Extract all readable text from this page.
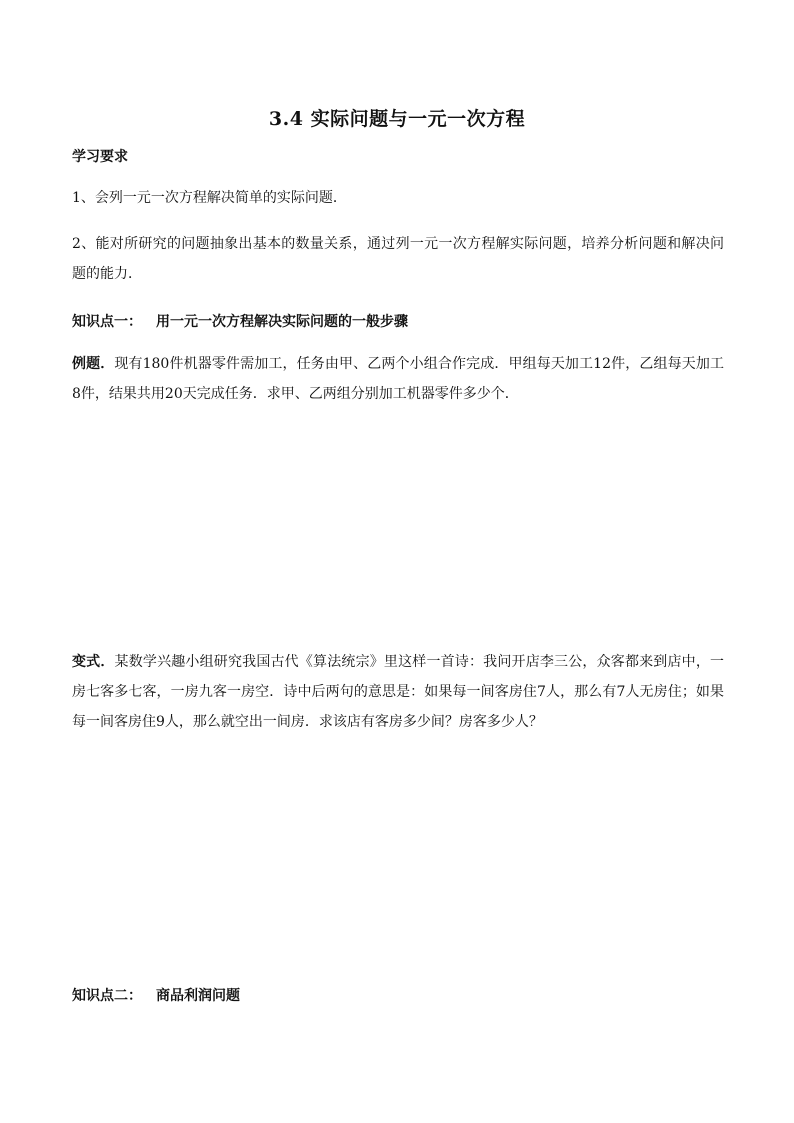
3.4 实际问题与一元一次方程
学习要求
1、会列一元一次方程解决简单的实际问题．
2、能对所研究的问题抽象出基本的数量关系，通过列一元一次方程解实际问题，培养分析问题和解决问题的能力．
知识点一： 用一元一次方程解决实际问题的一般步骤
例题．现有180件机器零件需加工，任务由甲、乙两个小组合作完成．甲组每天加工12件，乙组每天加工8件，结果共用20天完成任务．求甲、乙两组分别加工机器零件多少个．
变式．某数学兴趣小组研究我国古代《算法统宗》里这样一首诗：我问开店李三公，众客都来到店中，一房七客多七客，一房九客一房空．诗中后两句的意思是：如果每一间客房住7人，那么有7人无房住；如果每一间客房住9人，那么就空出一间房．求该店有客房多少间？房客多少人？
知识点二： 商品利润问题
